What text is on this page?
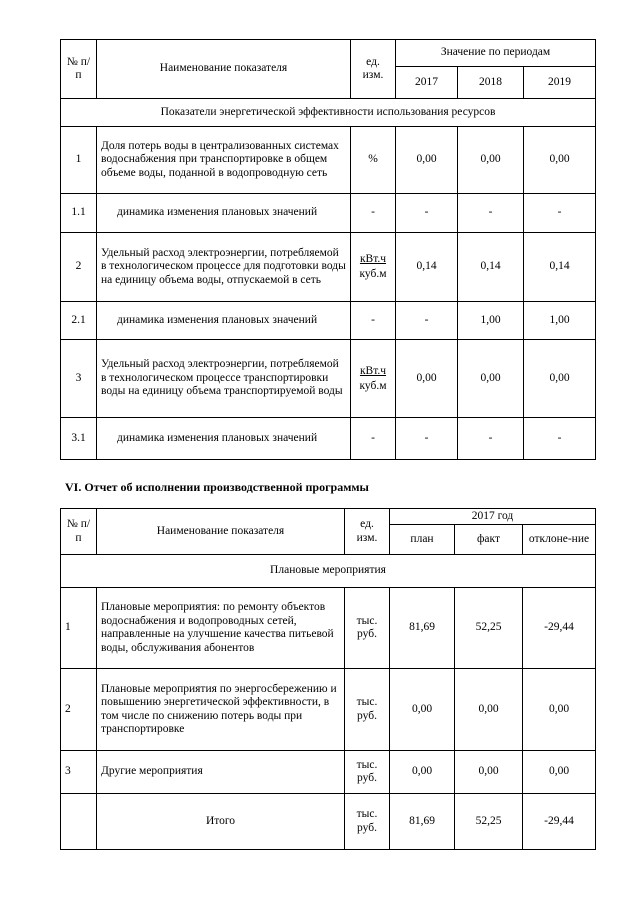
№ п/п	Наименование показателя	ед. изм.	Значение по периодам		
			2017	2018	2019
Показатели энергетической эффективности использования ресурсов					
1	Доля потерь воды в централизованных системах водоснабжения при транспортировке в общем объеме воды, поданной в водопроводную сеть	%	0,00	0,00	0,00
1.1	динамика изменения плановых значений	-	-	-	-
2	Удельный расход электроэнергии, потребляемой в технологическом процессе для подготовки воды на единицу объема воды, отпускаемой в сеть	кВт.ч
куб.м	0,14	0,14	0,14
2.1	динамика изменения плановых значений	-	-	1,00	1,00
3	Удельный расход электроэнергии, потребляемой в технологическом процессе транспортировки воды на единицу объема транспортируемой воды	кВт.ч
куб.м	0,00	0,00	0,00
3.1	динамика изменения плановых значений	-	-	-	-
VI. Отчет об исполнении производственной программы
№ п/п	Наименование показателя	ед. изм.	2017 год		
			план	факт	отклоне-ние
Плановые мероприятия					
1	Плановые мероприятия: по ремонту объектов водоснабжения и водопроводных сетей, направленные на улучшение качества питьевой воды, обслуживания абонентов	тыс. руб.	81,69	52,25	-29,44
2	Плановые мероприятия по энергосбережению и повышению энергетической эффективности, в том числе по снижению потерь воды при транспортировке	тыс. руб.	0,00	0,00	0,00
3	Другие мероприятия	тыс. руб.	0,00	0,00	0,00
	Итого	тыс. руб.	81,69	52,25	-29,44
